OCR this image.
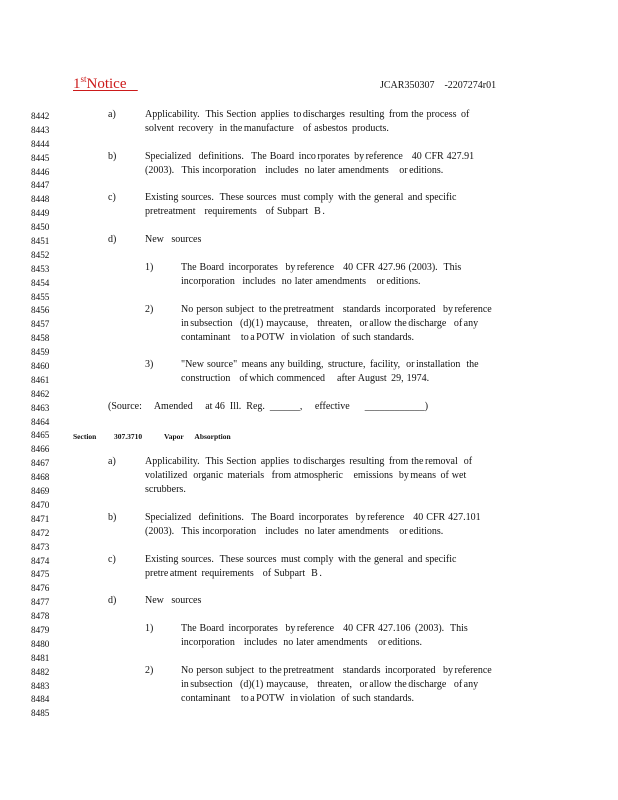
1stNotice	JCAR350307    -2207274r01
8442
8443
8444
8445
8446
8447
8448
8449
8450
8451
8452
8453
8454
8455
8456
8457
8458
8459
8460
8461
8462
8463
8464
8465
8466
8467
8468
8469
8470
8471
8472
8473
8474
8475
8476
8477
8478
8479
8480
8481
8482
8483
8484
8485
a)	Applicability.    This  Section   applies   to discharges   resulting   from  the  process   of
solvent   recovery    in  the manufacture      of  asbestos   products.
b)	Specialized     definitions.     The  Board   inco rporates   by reference      40  CFR  427.91
(2003).     This  incorporation      includes    no  later  amendments       or editions.
c)	Existing  sources.    These  sources   must  comply   with  the  general   and  specific
pretreatment      requirements      of  Subpart    B .
d)	New   sources
1)	The  Board   incorporates     by reference      40  CFR  427.96  (2003).    This
incorporation     includes    no  later  amendments       or editions.
2)	No  person  subject   to  the pretreatment      standards   incorporated     by reference
in subsection     (d)(1)  maycause,      threaten,     or allow  the discharge     of any
contaminant       to a POTW    in violation    of  such  standards.
3)	"New  source"   means  any  building,   structure,   facility,    or installation    the
construction      of which  commenced        after  August   29,  1974.
(Source:     Amended     at 46  Ill.  Reg.  ______,     effective      ____________)
Section 307.3710	Vapor      Absorption
a)	Applicability.    This  Section   applies   to discharges   resulting   from  the removal    of
volatilized    organic   materials     from  atmospheric       emissions    by means   of  wet
scrubbers.
b)	Specialized     definitions.     The  Board   incorporates     by reference      40  CFR  427.101
(2003).     This  incorporation      includes    no  later  amendments       or editions.
c)	Existing  sources.    These  sources   must  comply   with  the  general   and  specific
pretre atment   requirements      of  Subpart    B .
d)	New   sources
1)	The  Board   incorporates     by reference      40  CFR  427.106   (2003).    This
incorporation      includes    no  later  amendments       or editions.
2)	No  person  subject   to  the pretreatment      standards   incorporated     by reference
in subsection     (d)(1)  maycause,      threaten,     or allow  the discharge     of any
contaminant       to a POTW    in violation    of  such  standards.
